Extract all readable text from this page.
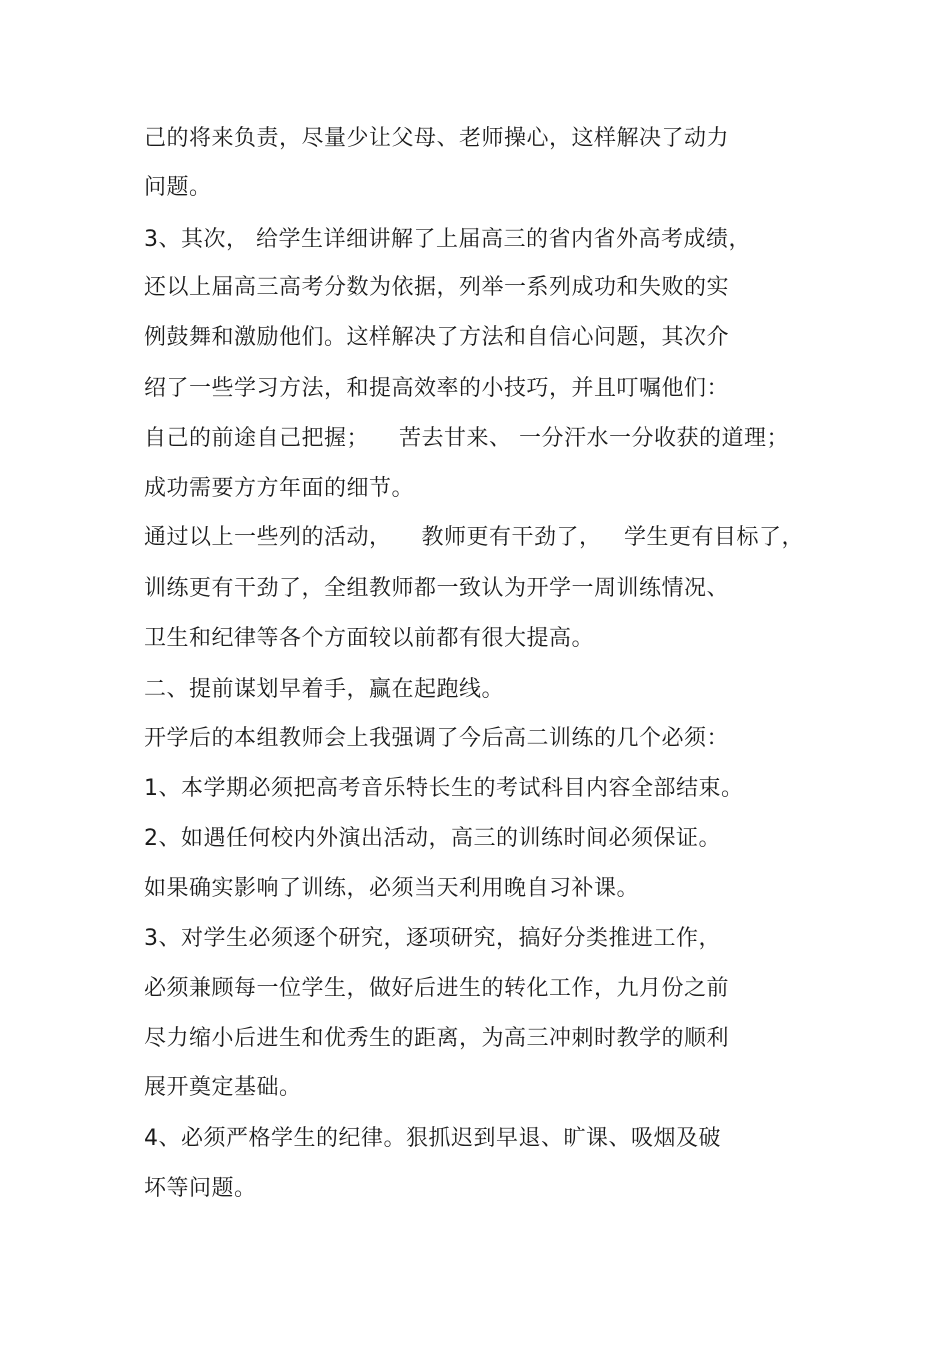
己的将来负责，尽量少让父母、老师操心，这样解决了动力
问题。
3、其次， 给学生详细讲解了上届高三的省内省外高考成绩，
还以上届高三高考分数为依据，列举一系列成功和失败的实
例鼓舞和激励他们。这样解决了方法和自信心问题，其次介
绍了一些学习方法，和提高效率的小技巧，并且叮嘱他们：
自己的前途自己把握；    苦去甘来、 一分汗水一分收获的道理；
成功需要方方年面的细节。
通过以上一些列的活动，    教师更有干劲了，   学生更有目标了，
训练更有干劲了，全组教师都一致认为开学一周训练情况、
卫生和纪律等各个方面较以前都有很大提高。
二、提前谋划早着手，赢在起跑线。
开学后的本组教师会上我强调了今后高二训练的几个必须：
1、本学期必须把高考音乐特长生的考试科目内容全部结束。
2、如遇任何校内外演出活动，高三的训练时间必须保证。
如果确实影响了训练，必须当天利用晚自习补课。
3、对学生必须逐个研究，逐项研究，搞好分类推进工作，
必须兼顾每一位学生，做好后进生的转化工作，九月份之前
尽力缩小后进生和优秀生的距离，为高三冲刺时教学的顺利
展开奠定基础。
4、必须严格学生的纪律。狠抓迟到早退、旷课、吸烟及破
坏等问题。
